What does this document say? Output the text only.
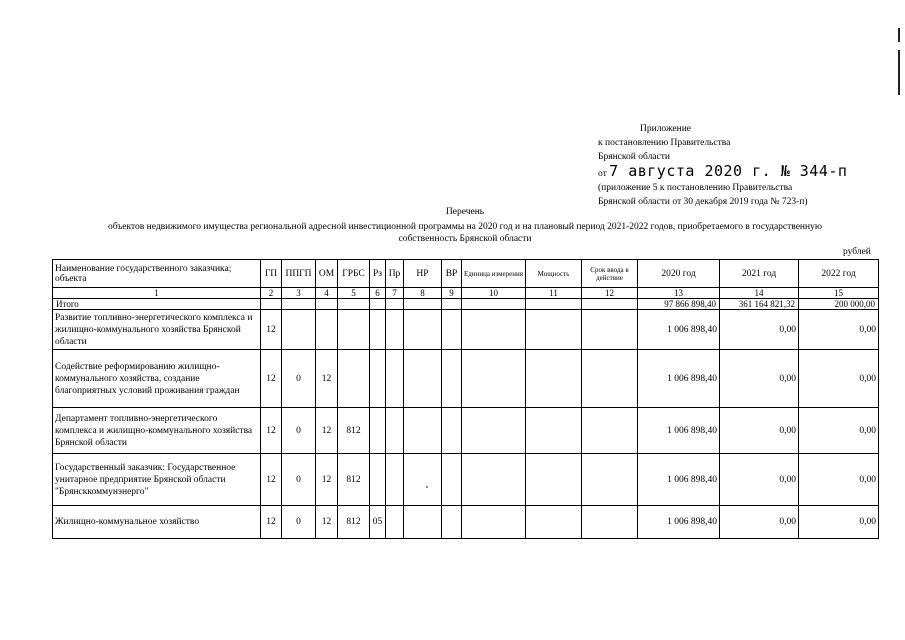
Приложение
к постановлению Правительства
Брянской области
от 7 августа 2020 г. № 344-п
(приложение 5 к постановлению Правительства
Брянской области от 30 декабря 2019 года № 723-п)
Перечень
объектов недвижимого имущества региональной адресной инвестиционной программы на 2020 год и на плановый период 2021-2022 годов, приобретаемого в государственную
собственность Брянской области
рублей
Наименование государственного заказчика; объекта	ГП	ППГП	ОМ	ГРБС	Рз	Пр	НР	ВР	Единица измерения	Мощность	Срок ввода в действие	2020 год	2021 год	2022 год
1	2	3	4	5	6	7	8	9	10	11	12	13	14	15
Итого												97 866 898,40	361 164 821,32	200 000,00
Развитие топливно-энергетического комплекса и жилищно-коммунального хозяйства Брянской области	12											1 006 898,40	0,00	0,00
Содействие реформированию жилищно-коммунального хозяйства, создание благоприятных условий проживания граждан	12	0	12									1 006 898,40	0,00	0,00
Департамент топливно-энергетического комплекса и жилищно-коммунального хозяйства Брянской области	12	0	12	812								1 006 898,40	0,00	0,00
Государственный заказчик: Государственное унитарное предприятие Брянской области "Брянсккоммунэнерго"	12	0	12	812								1 006 898,40	0,00	0,00
Жилищно-коммунальное хозяйство	12	0	12	812	05							1 006 898,40	0,00	0,00
